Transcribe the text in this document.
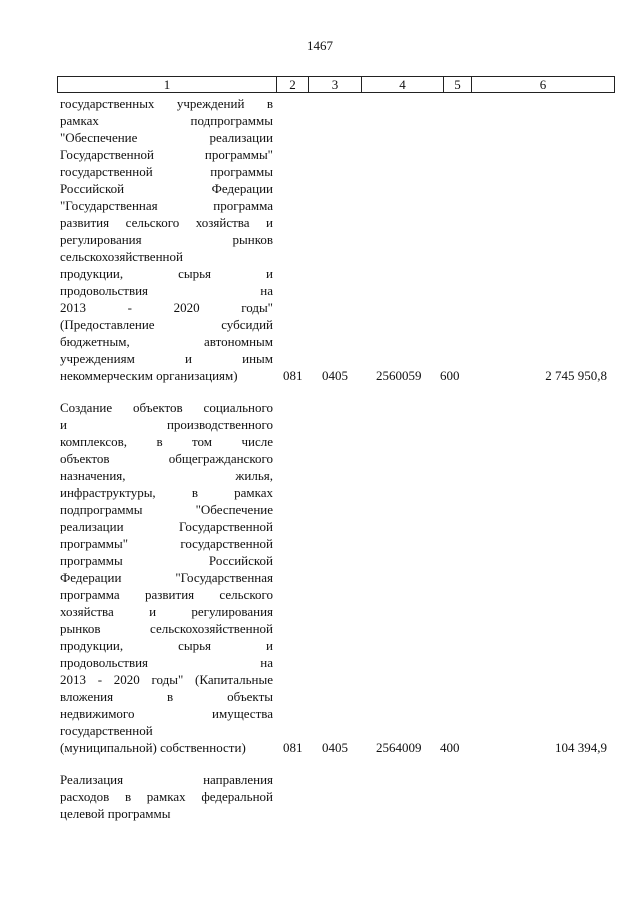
1467
1	2	3	4	5	6
государственных учреждений в
рамках подпрограммы
"Обеспечение реализации
Государственной программы"
государственной программы
Российской Федерации
"Государственная программа
развития сельского хозяйства и
регулирования рынков
сельскохозяйственной
продукции, сырья и
продовольствия на
2013 - 2020 годы"
(Предоставление субсидий
бюджетным, автономным
учреждениям и иным
некоммерческим организациям)	081 0405 2560059 600	2 745 950,8
Создание объектов социального
и производственного
комплексов, в том числе
объектов общегражданского
назначения, жилья,
инфраструктуры, в рамках
подпрограммы "Обеспечение
реализации Государственной
программы" государственной
программы Российской
Федерации "Государственная
программа развития сельского
хозяйства и регулирования
рынков сельскохозяйственной
продукции, сырья и
продовольствия на
2013 - 2020 годы" (Капитальные
вложения в объекты
недвижимого имущества
государственной
(муниципальной) собственности)	081 0405 2564009 400	104 394,9
Реализация направления
расходов в рамках федеральной
целевой программы
